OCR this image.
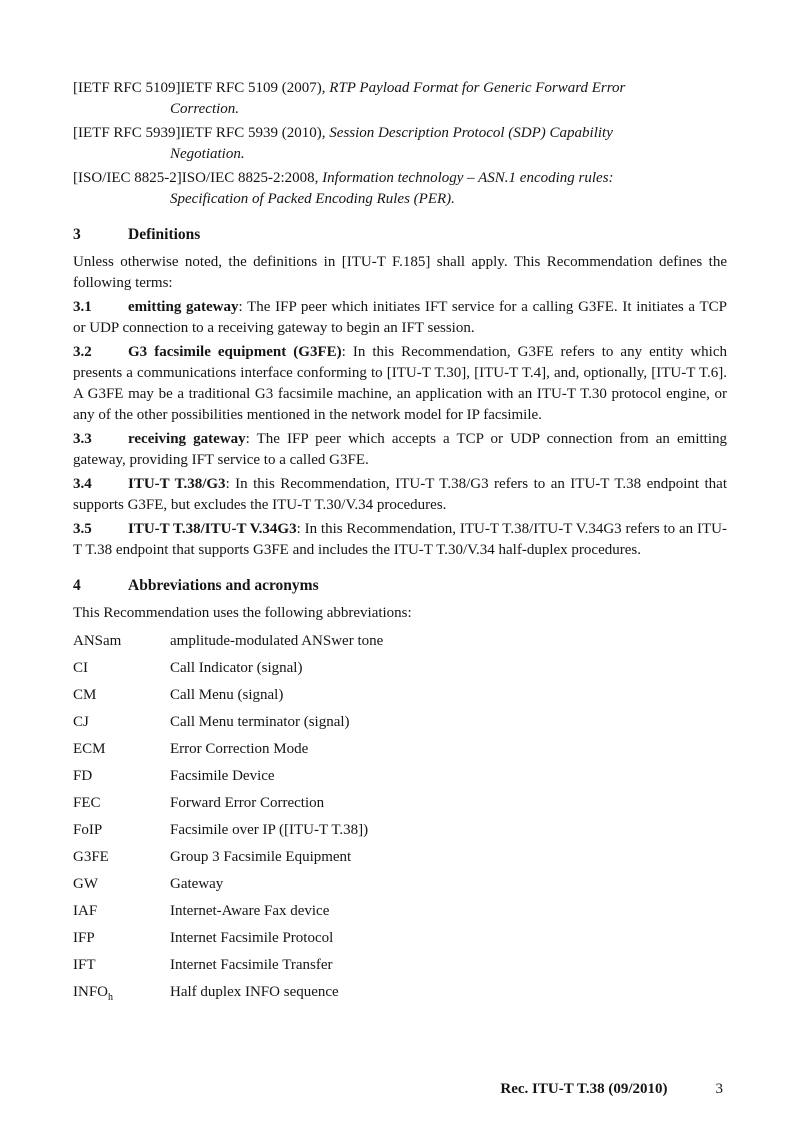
[IETF RFC 5109]IETF RFC 5109 (2007), RTP Payload Format for Generic Forward Error Correction.

[IETF RFC 5939]IETF RFC 5939 (2010), Session Description Protocol (SDP) Capability Negotiation.

[ISO/IEC 8825-2]ISO/IEC 8825-2:2008, Information technology – ASN.1 encoding rules: Specification of Packed Encoding Rules (PER).

3	Definitions

Unless otherwise noted, the definitions in [ITU-T F.185] shall apply. This Recommendation defines the following terms:

3.1 emitting gateway: The IFP peer which initiates IFT service for a calling G3FE. It initiates a TCP or UDP connection to a receiving gateway to begin an IFT session.

3.2 G3 facsimile equipment (G3FE): In this Recommendation, G3FE refers to any entity which presents a communications interface conforming to [ITU-T T.30], [ITU-T T.4], and, optionally, [ITU-T T.6]. A G3FE may be a traditional G3 facsimile machine, an application with an ITU-T T.30 protocol engine, or any of the other possibilities mentioned in the network model for IP facsimile.

3.3 receiving gateway: The IFP peer which accepts a TCP or UDP connection from an emitting gateway, providing IFT service to a called G3FE.

3.4 ITU-T T.38/G3: In this Recommendation, ITU-T T.38/G3 refers to an ITU-T T.38 endpoint that supports G3FE, but excludes the ITU-T T.30/V.34 procedures.

3.5 ITU-T T.38/ITU-T V.34G3: In this Recommendation, ITU-T T.38/ITU-T V.34G3 refers to an ITU-T T.38 endpoint that supports G3FE and includes the ITU-T T.30/V.34 half-duplex procedures.

4	Abbreviations and acronyms

This Recommendation uses the following abbreviations:

ANSam	amplitude-modulated ANSwer tone
CI	Call Indicator (signal)
CM	Call Menu (signal)
CJ	Call Menu terminator (signal)
ECM	Error Correction Mode
FD	Facsimile Device
FEC	Forward Error Correction
FoIP	Facsimile over IP ([ITU-T T.38])
G3FE	Group 3 Facsimile Equipment
GW	Gateway
IAF	Internet-Aware Fax device
IFP	Internet Facsimile Protocol
IFT	Internet Facsimile Transfer
$INFO_h$	Half duplex INFO sequence
Rec. ITU-T T.38 (09/2010)	3
